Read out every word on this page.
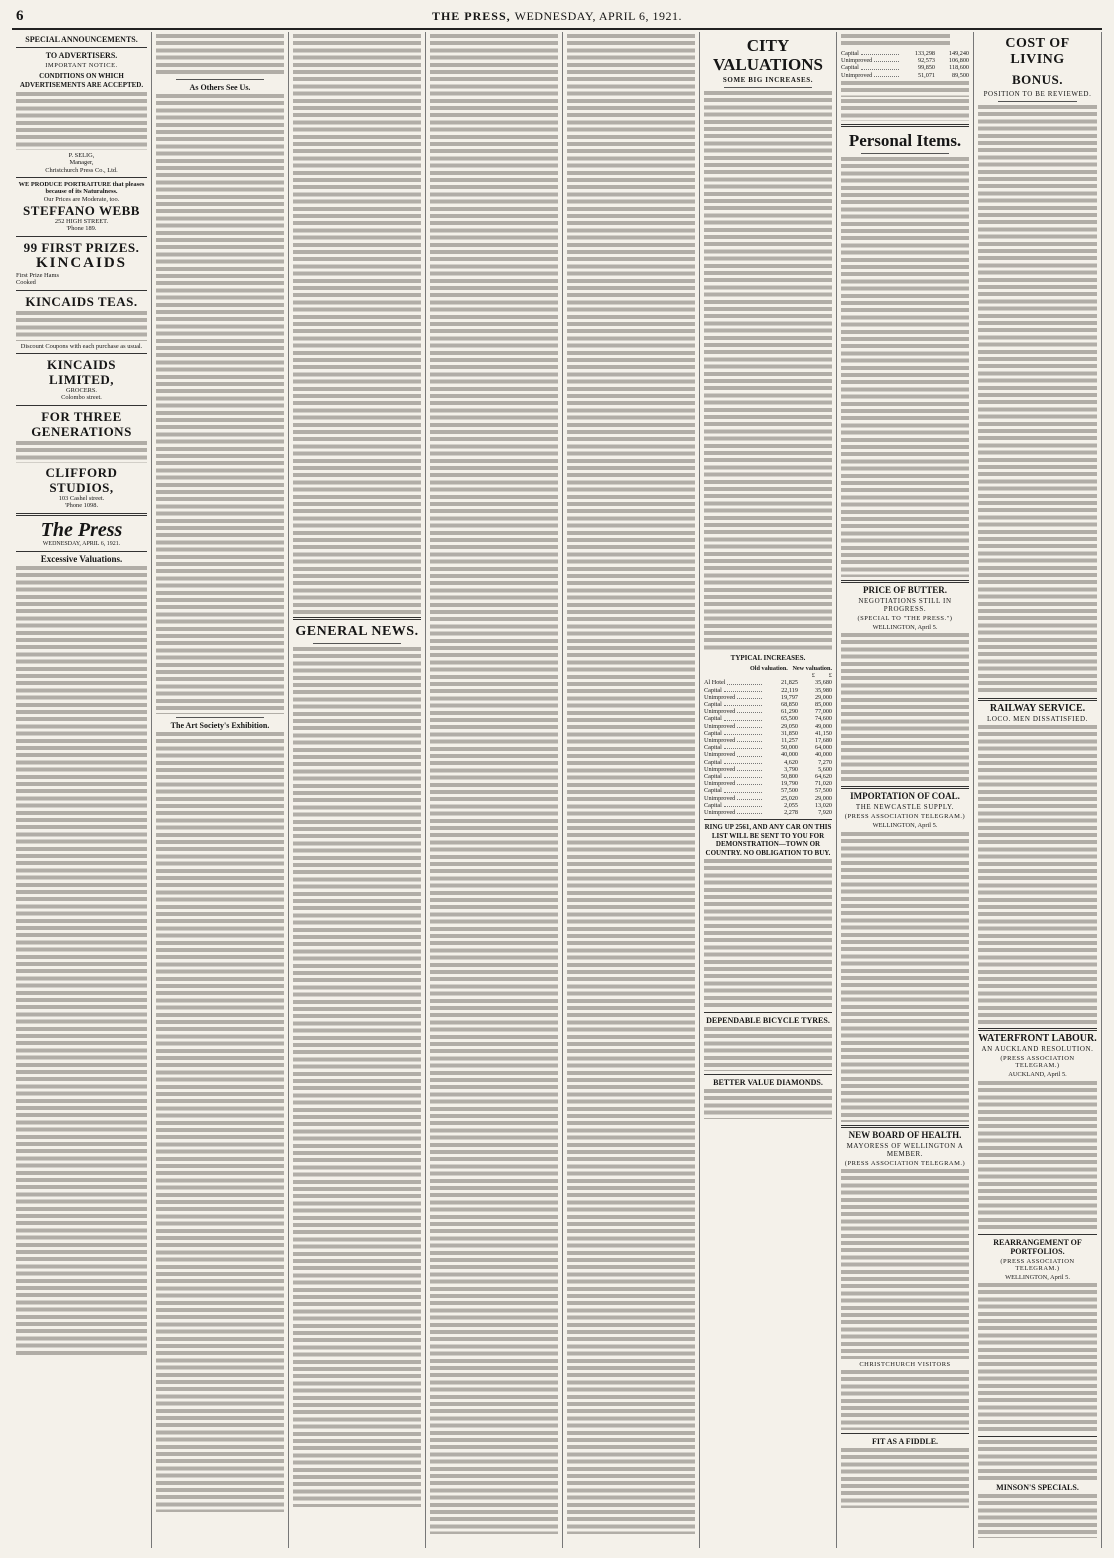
6	THE PRESS, WEDNESDAY, APRIL 6, 1921.
SPECIAL ANNOUNCEMENTS.
TO ADVERTISERS.
IMPORTANT NOTICE.
CONDITIONS ON WHICH ADVERTISEMENTS ARE ACCEPTED.
P. SELIG,
Manager,
Christchurch Press Co., Ltd.
WE PRODUCE PORTRAITURE that pleases because of its Naturalness.
Our Prices are Moderate, too.
STEFFANO WEBB
252 HIGH STREET.
'Phone 189.
99 FIRST PRIZES.
KINCAIDS
First Prize Hams
Cooked
KINCAIDS TEAS.
Discount Coupons with each purchase as usual.
KINCAIDS LIMITED,
GROCERS.
Colombo street.
FOR THREE GENERATIONS
CLIFFORD STUDIOS,
103 Cashel street.
'Phone 1098.
The Press
WEDNESDAY, APRIL 6, 1921.
Excessive Valuations.
As Others See Us.
The Art Society's Exhibition.
GENERAL NEWS.
CITY VALUATIONS
SOME BIG INCREASES.
TYPICAL INCREASES.
Old valuation. New valuation.
£ £
Al Hotel	21,825	35,680
Capital	22,119	35,980
Unimproved	19,797	29,000
Capital	68,850	85,000
Unimproved	61,290	77,000
Capital	65,500	74,600
Unimproved	29,050	49,000
Capital	31,850	41,150
Unimproved	11,257	17,680
Capital	50,000	64,000
Unimproved	40,000	40,000
Capital	4,620	7,270
Unimproved	3,790	5,600
Capital	50,800	64,620
Unimproved	19,790	71,020
Capital	57,500	57,500
Unimproved	25,020	29,000
Capital	2,055	13,020
Unimproved	2,278	7,920
RING UP 2561, AND ANY CAR ON THIS LIST WILL BE SENT TO YOU FOR DEMONSTRATION—TOWN OR COUNTRY. NO OBLIGATION TO BUY.
DEPENDABLE BICYCLE TYRES.
BETTER VALUE DIAMONDS.
Capital	133,298	149,240
Unimproved	92,573	106,800
Capital	99,850	118,600
Unimproved	51,071	89,500
Personal Items.
PRICE OF BUTTER.
NEGOTIATIONS STILL IN PROGRESS.
(SPECIAL TO "THE PRESS.")
WELLINGTON, April 5.
IMPORTATION OF COAL.
THE NEWCASTLE SUPPLY.
(PRESS ASSOCIATION TELEGRAM.)
WELLINGTON, April 5.
NEW BOARD OF HEALTH.
MAYORESS OF WELLINGTON A MEMBER.
(PRESS ASSOCIATION TELEGRAM.)
CHRISTCHURCH VISITORS
FIT AS A FIDDLE.
COST OF LIVING
BONUS.
POSITION TO BE REVIEWED.
RAILWAY SERVICE.
LOCO. MEN DISSATISFIED.
WATERFRONT LABOUR.
AN AUCKLAND RESOLUTION.
(PRESS ASSOCIATION TELEGRAM.)
AUCKLAND, April 5.
REARRANGEMENT OF PORTFOLIOS.
(PRESS ASSOCIATION TELEGRAM.)
WELLINGTON, April 5.
MINSON'S SPECIALS.
